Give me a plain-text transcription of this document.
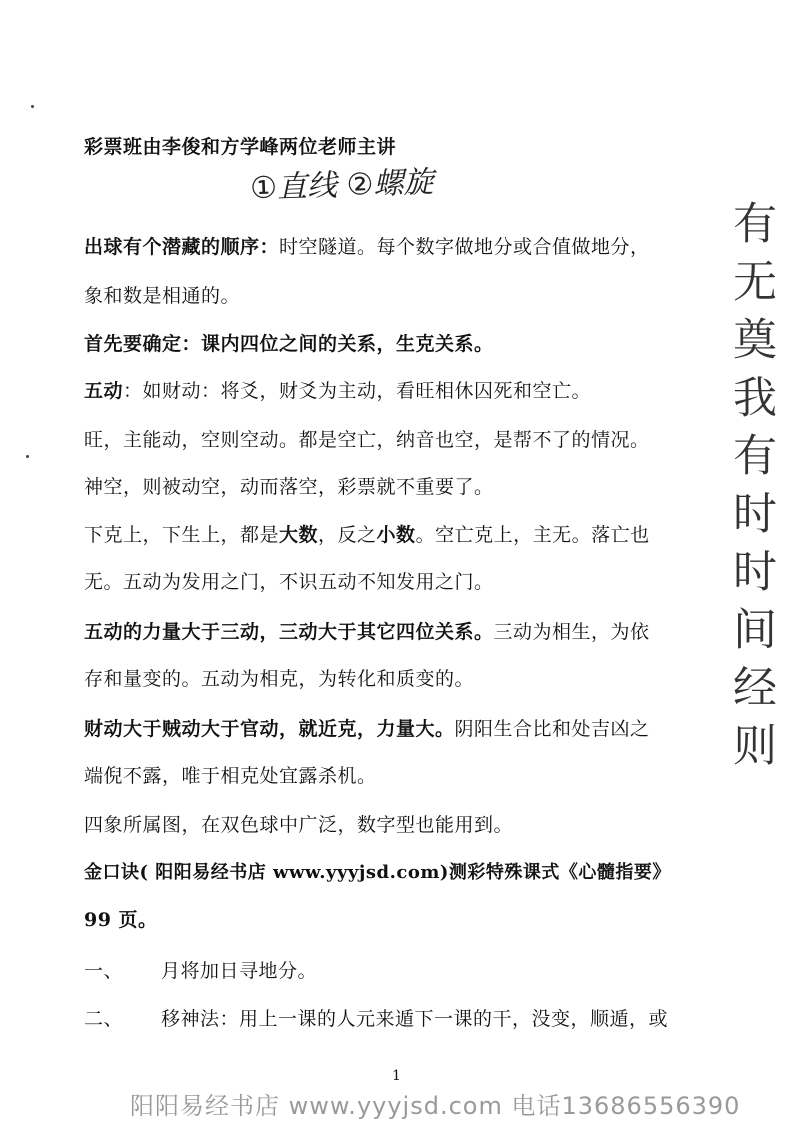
彩票班由李俊和方学峰两位老师主讲
①直线 ②螺旋
出球有个潜藏的顺序：时空隧道。每个数字做地分或合值做地分，
象和数是相通的。
首先要确定：课内四位之间的关系，生克关系。
五动：如财动：将爻，财爻为主动，看旺相休囚死和空亡。
旺，主能动，空则空动。都是空亡，纳音也空，是帮不了的情况。
神空，则被动空，动而落空，彩票就不重要了。
下克上，下生上，都是大数，反之小数。空亡克上，主无。落亡也
无。五动为发用之门，不识五动不知发用之门。
五动的力量大于三动，三动大于其它四位关系。三动为相生，为依
存和量变的。五动为相克，为转化和质变的。
财动大于贼动大于官动，就近克，力量大。阴阳生合比和处吉凶之
端倪不露，唯于相克处宜露杀机。
四象所属图，在双色球中广泛，数字型也能用到。
金口诀( 阳阳易经书店 www.yyyjsd.com)测彩特殊课式《心髓指要》
99 页。
一、 月将加日寻地分。
二、 移神法：用上一课的人元来遁下一课的干，没变，顺遁，或
有无奠我有时时间经则
1
阳阳易经书店 www.yyyjsd.com 电话13686556390
